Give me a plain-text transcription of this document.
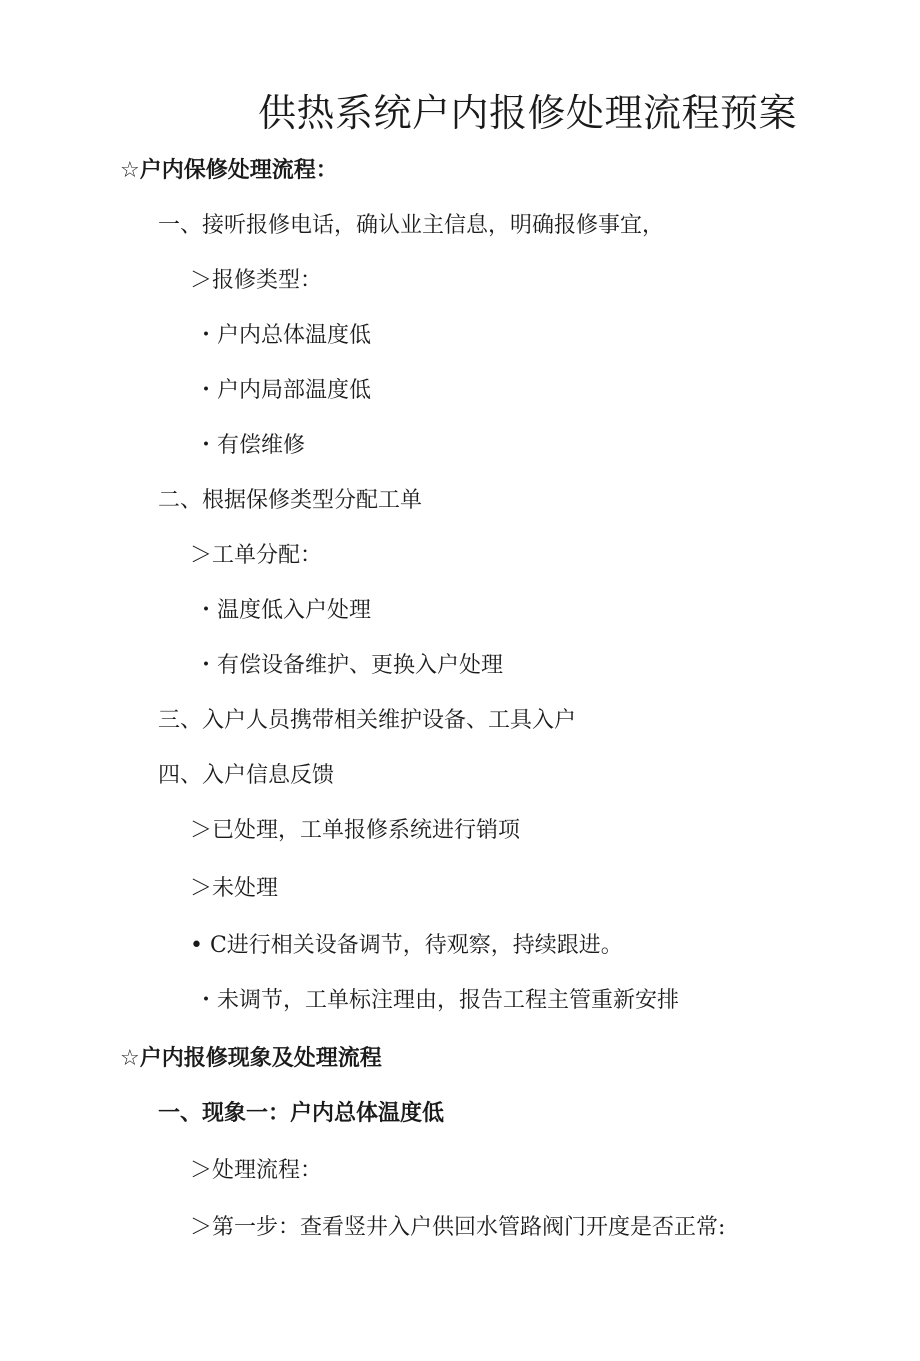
供热系统户内报修处理流程预案
☆户内保修处理流程：
一、接听报修电话，确认业主信息，明确报修事宜，
＞报修类型：
・户内总体温度低
・户内局部温度低
・有偿维修
二、根据保修类型分配工单
＞工单分配：
・温度低入户处理
・有偿设备维护、更换入户处理
三、入户人员携带相关维护设备、工具入户
四、入户信息反馈
＞已处理，工单报修系统进行销项
＞未处理
• C进行相关设备调节，待观察，持续跟进。
・未调节，工单标注理由，报告工程主管重新安排
☆户内报修现象及处理流程
一、现象一：户内总体温度低
＞处理流程：
＞第一步：查看竖井入户供回水管路阀门开度是否正常:
